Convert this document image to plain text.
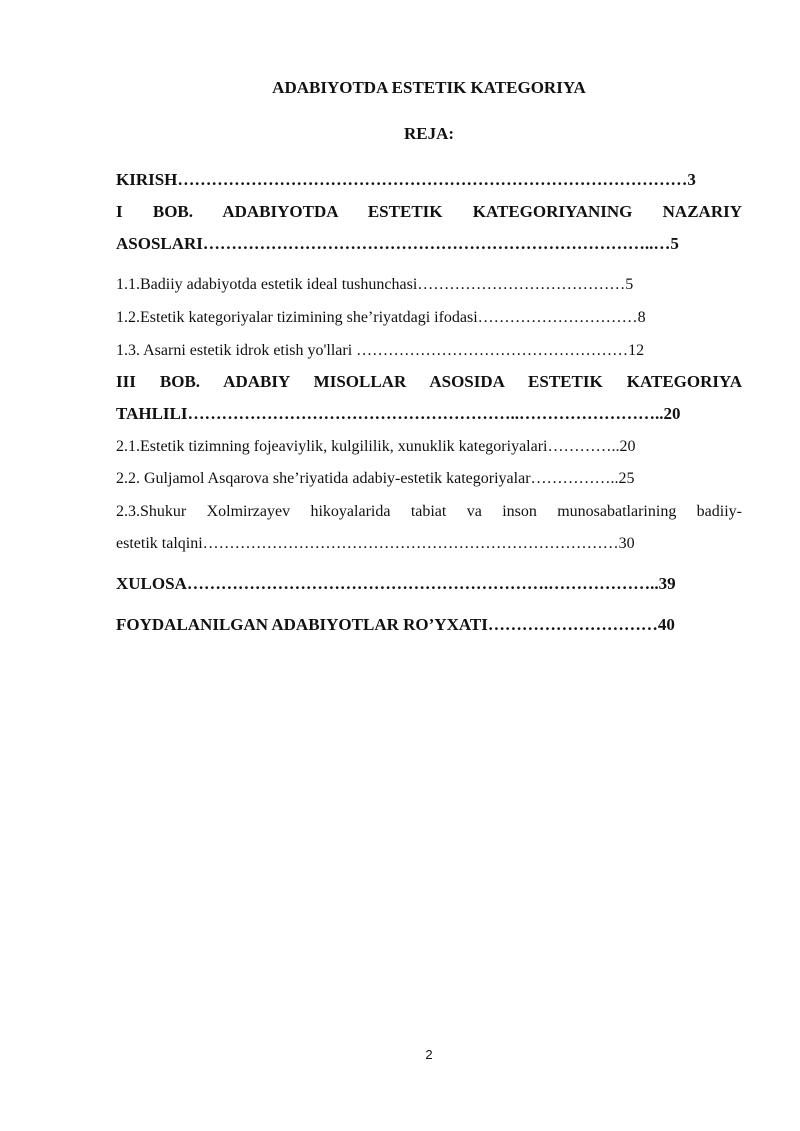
ADABIYOTDA ESTETIK KATEGORIYA
REJA:
KIRISH………………………………………………………………………………3
I BOB. ADABIYOTDA ESTETIK KATEGORIYANING NAZARIY
ASOSLARI……………………………………………………………………..…5
1.1.Badiiy adabiyotda estetik ideal tushunchasi…………………………………5
1.2.Estetik kategoriyalar tizimining she’riyatdagi ifodasi…………………………8
1.3. Asarni estetik idrok etish yo'llari ……………………………………………12
III BOB. ADABIY MISOLLAR ASOSIDA ESTETIK KATEGORIYA
TAHLILI…………………………………………………..……………………..20
2.1.Estetik tizimning fojeaviylik, kulgililik, xunuklik kategoriyalari…………..20
2.2. Guljamol Asqarova she’riyatida adabiy-estetik kategoriyalar……………..25
2.3.Shukur Xolmirzayev hikoyalarida tabiat va inson munosabatlarining badiiy-
estetik talqini……………………………………………………………………30
XULOSA……………………………………………………….………………..39
FOYDALANILGAN ADABIYOTLAR RO’YXATI…………………………40
2
